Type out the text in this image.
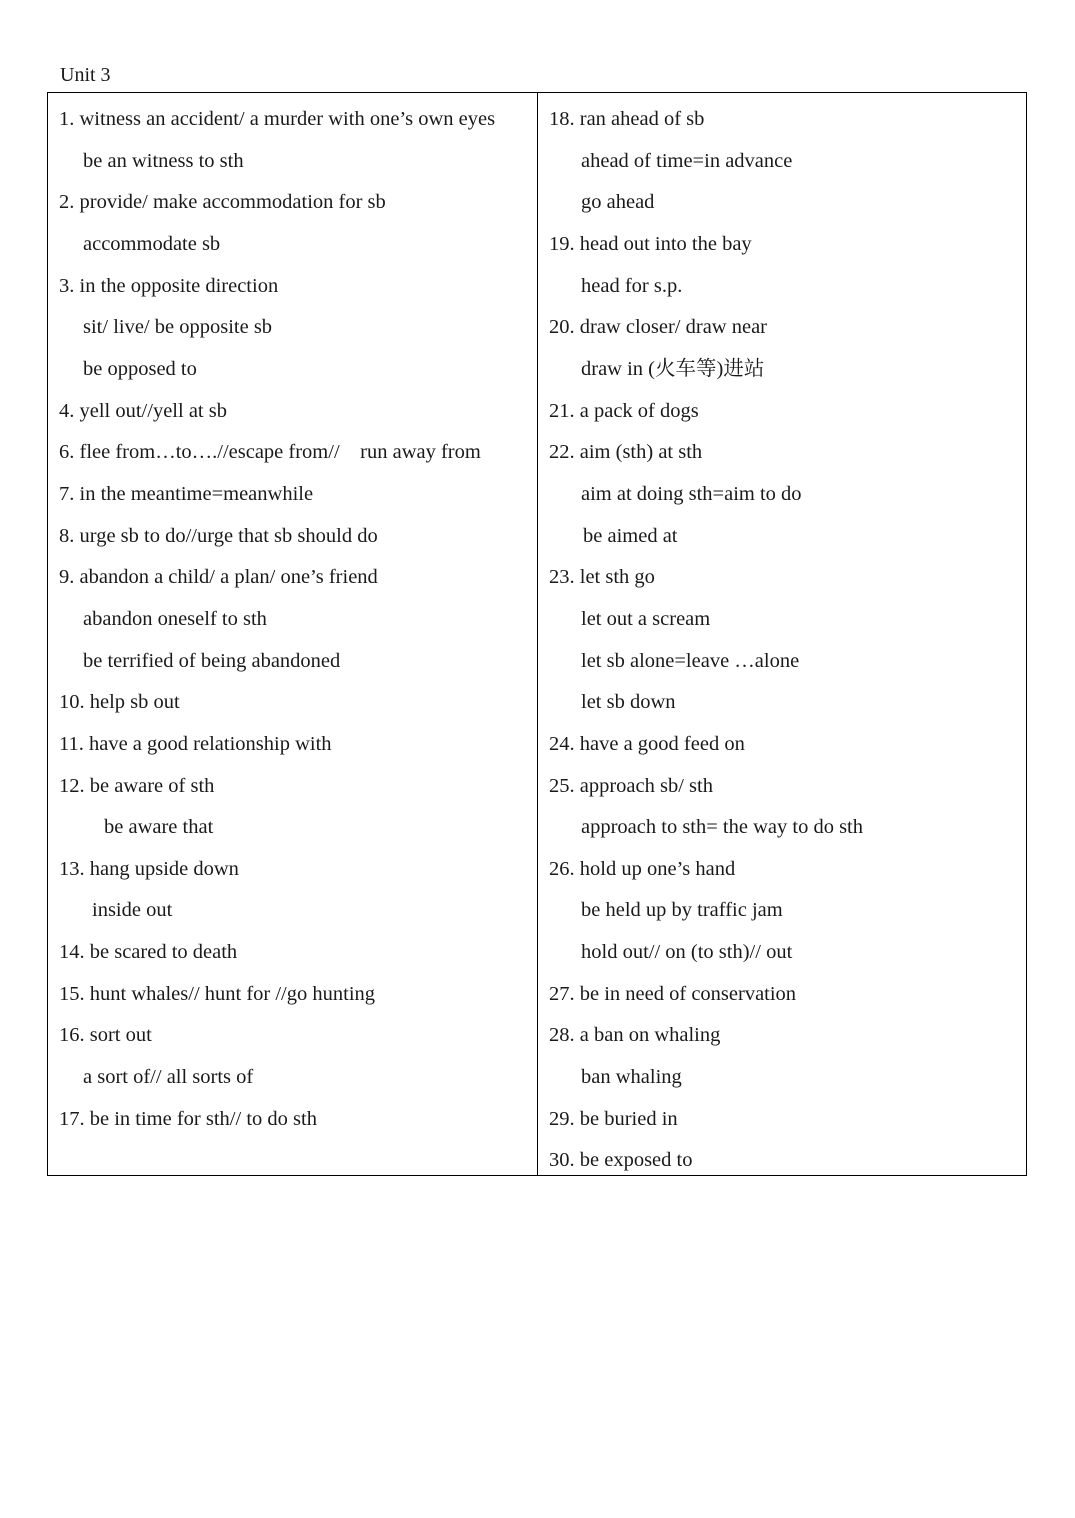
Unit 3
1. witness an accident/ a murder with one’s own eyes
be an witness to sth
2. provide/ make accommodation for sb
accommodate sb
3. in the opposite direction
sit/ live/ be opposite sb
be opposed to
4. yell out//yell at sb
6. flee from…to….//escape from//    run away from
7. in the meantime=meanwhile
8. urge sb to do//urge that sb should do
9. abandon a child/ a plan/ one’s friend
abandon oneself to sth
be terrified of being abandoned
10. help sb out
11. have a good relationship with
12. be aware of sth
be aware that
13. hang upside down
inside out
14. be scared to death
15. hunt whales// hunt for //go hunting
16. sort out
a sort of// all sorts of
17. be in time for sth// to do sth
18. ran ahead of sb
ahead of time=in advance
go ahead
19. head out into the bay
head for s.p.
20. draw closer/ draw near
draw in (火车等)进站
21. a pack of dogs
22. aim (sth) at sth
aim at doing sth=aim to do
be aimed at
23. let sth go
let out a scream
let sb alone=leave …alone
let sb down
24. have a good feed on
25. approach sb/ sth
approach to sth= the way to do sth
26. hold up one’s hand
be held up by traffic jam
hold out// on (to sth)// out
27. be in need of conservation
28. a ban on whaling
ban whaling
29. be buried in
30. be exposed to
